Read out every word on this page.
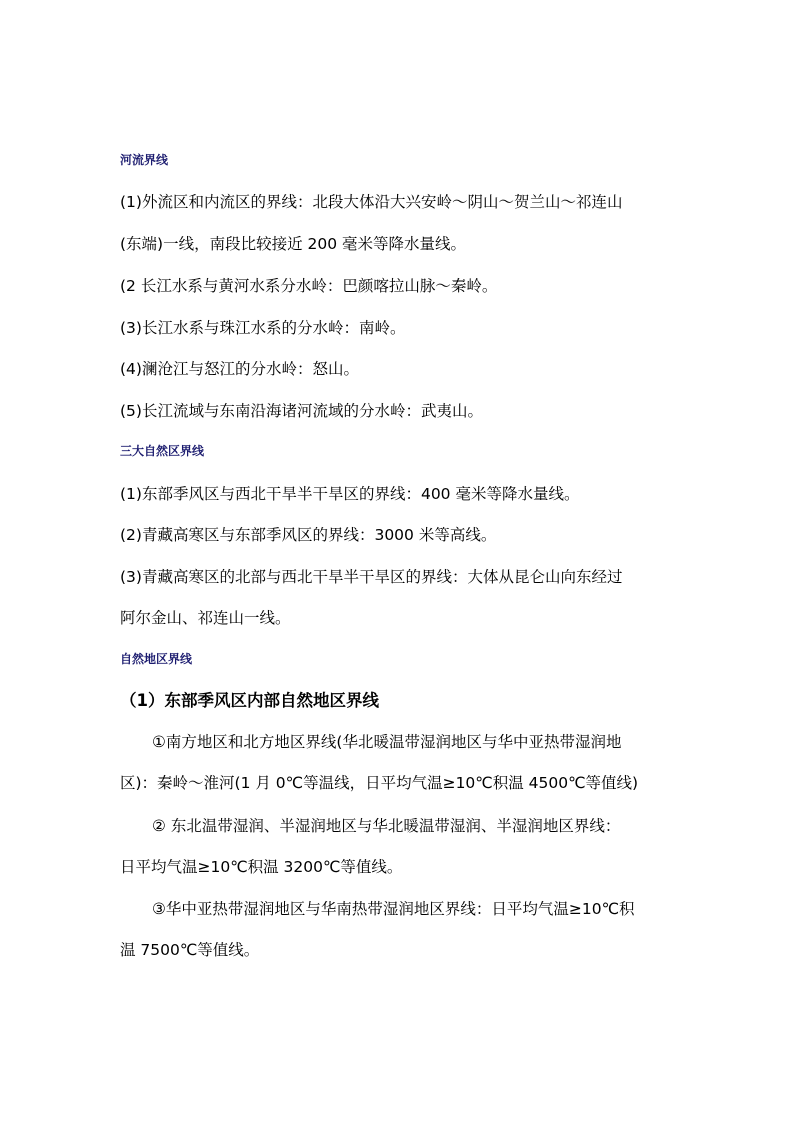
河流界线
(1)外流区和内流区的界线：北段大体沿大兴安岭～阴山～贺兰山～祁连山
(东端)一线，南段比较接近 200 毫米等降水量线。
(2 长江水系与黄河水系分水岭：巴颜喀拉山脉～秦岭。
(3)长江水系与珠江水系的分水岭：南岭。
(4)澜沧江与怒江的分水岭：怒山。
(5)长江流域与东南沿海诸河流域的分水岭：武夷山。
三大自然区界线
(1)东部季风区与西北干旱半干旱区的界线：400 毫米等降水量线。
(2)青藏高寒区与东部季风区的界线：3000 米等高线。
(3)青藏高寒区的北部与西北干旱半干旱区的界线：大体从昆仑山向东经过
阿尔金山、祁连山一线。
自然地区界线
（1）东部季风区内部自然地区界线
①南方地区和北方地区界线(华北暖温带湿润地区与华中亚热带湿润地
区)：秦岭～淮河(1 月 0℃等温线，日平均气温≥10℃积温 4500℃等值线)
② 东北温带湿润、半湿润地区与华北暖温带湿润、半湿润地区界线：
日平均气温≥10℃积温 3200℃等值线。
③华中亚热带湿润地区与华南热带湿润地区界线：日平均气温≥10℃积
温 7500℃等值线。
